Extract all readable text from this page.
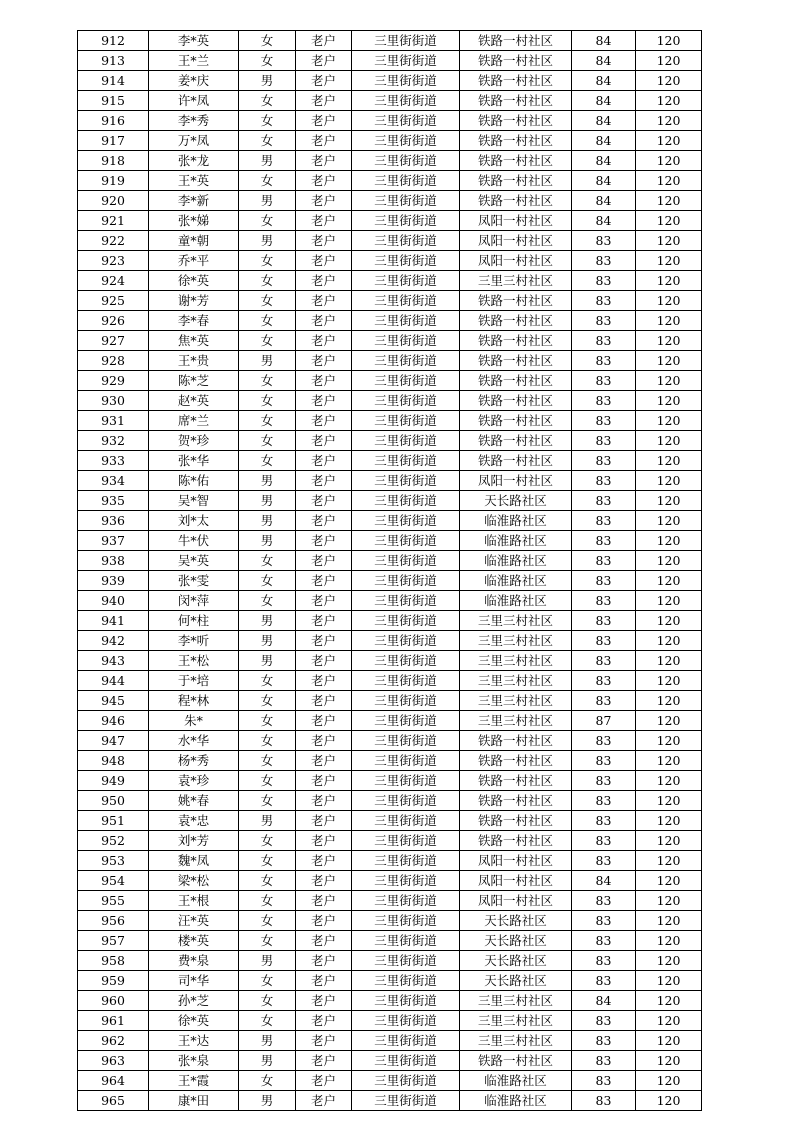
912	李*英	女	老户	三里街街道	铁路一村社区	84	120
913	王*兰	女	老户	三里街街道	铁路一村社区	84	120
914	姜*庆	男	老户	三里街街道	铁路一村社区	84	120
915	许*凤	女	老户	三里街街道	铁路一村社区	84	120
916	李*秀	女	老户	三里街街道	铁路一村社区	84	120
917	万*凤	女	老户	三里街街道	铁路一村社区	84	120
918	张*龙	男	老户	三里街街道	铁路一村社区	84	120
919	王*英	女	老户	三里街街道	铁路一村社区	84	120
920	李*新	男	老户	三里街街道	铁路一村社区	84	120
921	张*娣	女	老户	三里街街道	凤阳一村社区	84	120
922	童*朝	男	老户	三里街街道	凤阳一村社区	83	120
923	乔*平	女	老户	三里街街道	凤阳一村社区	83	120
924	徐*英	女	老户	三里街街道	三里三村社区	83	120
925	谢*芳	女	老户	三里街街道	铁路一村社区	83	120
926	李*春	女	老户	三里街街道	铁路一村社区	83	120
927	焦*英	女	老户	三里街街道	铁路一村社区	83	120
928	王*贵	男	老户	三里街街道	铁路一村社区	83	120
929	陈*芝	女	老户	三里街街道	铁路一村社区	83	120
930	赵*英	女	老户	三里街街道	铁路一村社区	83	120
931	席*兰	女	老户	三里街街道	铁路一村社区	83	120
932	贺*珍	女	老户	三里街街道	铁路一村社区	83	120
933	张*华	女	老户	三里街街道	铁路一村社区	83	120
934	陈*佑	男	老户	三里街街道	凤阳一村社区	83	120
935	吴*智	男	老户	三里街街道	天长路社区	83	120
936	刘*太	男	老户	三里街街道	临淮路社区	83	120
937	牛*伏	男	老户	三里街街道	临淮路社区	83	120
938	吴*英	女	老户	三里街街道	临淮路社区	83	120
939	张*雯	女	老户	三里街街道	临淮路社区	83	120
940	闵*萍	女	老户	三里街街道	临淮路社区	83	120
941	何*柱	男	老户	三里街街道	三里三村社区	83	120
942	李*听	男	老户	三里街街道	三里三村社区	83	120
943	王*松	男	老户	三里街街道	三里三村社区	83	120
944	于*培	女	老户	三里街街道	三里三村社区	83	120
945	程*林	女	老户	三里街街道	三里三村社区	83	120
946	朱*	女	老户	三里街街道	三里三村社区	87	120
947	水*华	女	老户	三里街街道	铁路一村社区	83	120
948	杨*秀	女	老户	三里街街道	铁路一村社区	83	120
949	袁*珍	女	老户	三里街街道	铁路一村社区	83	120
950	姚*春	女	老户	三里街街道	铁路一村社区	83	120
951	袁*忠	男	老户	三里街街道	铁路一村社区	83	120
952	刘*芳	女	老户	三里街街道	铁路一村社区	83	120
953	魏*凤	女	老户	三里街街道	凤阳一村社区	83	120
954	梁*松	女	老户	三里街街道	凤阳一村社区	84	120
955	王*根	女	老户	三里街街道	凤阳一村社区	83	120
956	汪*英	女	老户	三里街街道	天长路社区	83	120
957	楼*英	女	老户	三里街街道	天长路社区	83	120
958	费*泉	男	老户	三里街街道	天长路社区	83	120
959	司*华	女	老户	三里街街道	天长路社区	83	120
960	孙*芝	女	老户	三里街街道	三里三村社区	84	120
961	徐*英	女	老户	三里街街道	三里三村社区	83	120
962	王*达	男	老户	三里街街道	三里三村社区	83	120
963	张*泉	男	老户	三里街街道	铁路一村社区	83	120
964	王*霞	女	老户	三里街街道	临淮路社区	83	120
965	康*田	男	老户	三里街街道	临淮路社区	83	120
